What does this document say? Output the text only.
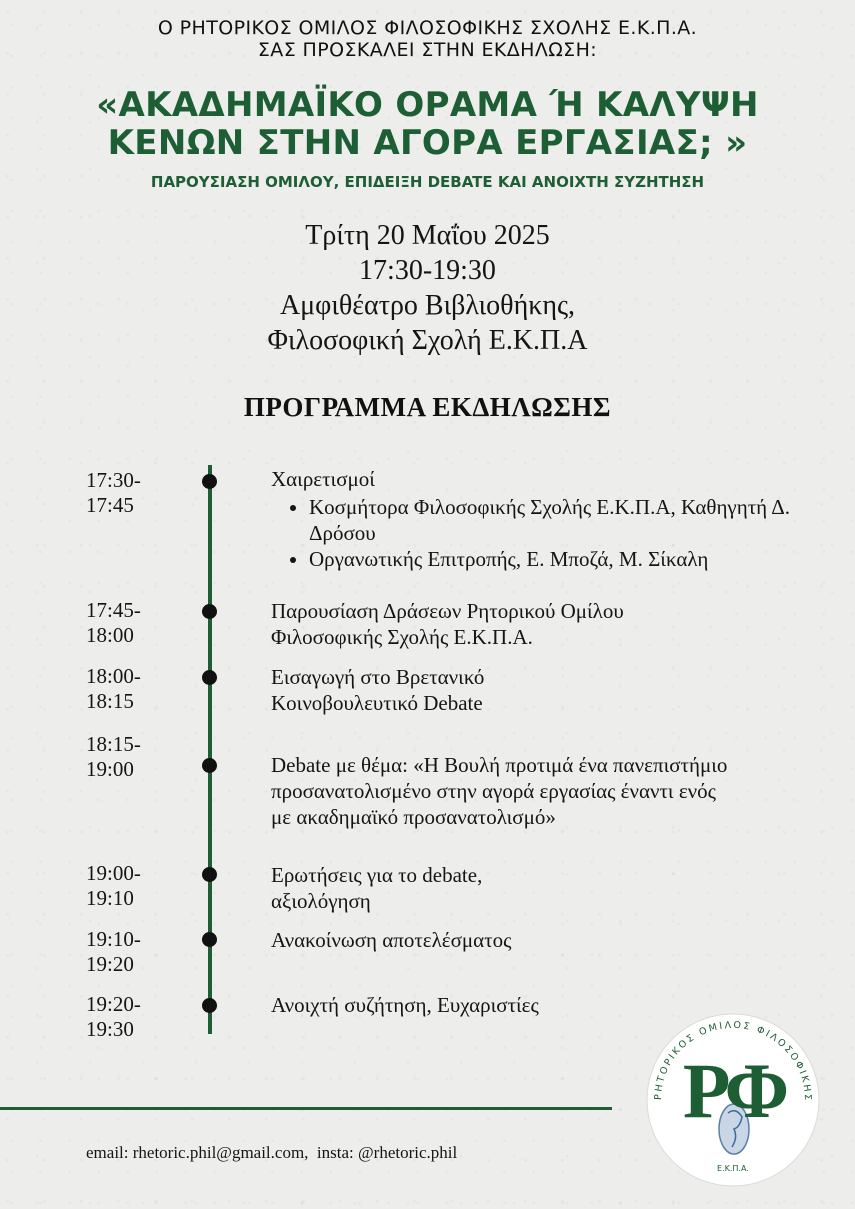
Ο ΡΗΤΟΡΙΚΟΣ ΟΜΙΛΟΣ ΦΙΛΟΣΟΦΙΚΗΣ ΣΧΟΛΗΣ Ε.Κ.Π.Α.
ΣΑΣ ΠΡΟΣΚΑΛΕΙ ΣΤΗΝ ΕΚΔΗΛΩΣΗ:
«ΑΚΑΔΗΜΑΪΚΟ ΟΡΑΜΑ Ή ΚΑΛΥΨΗ
ΚΕΝΩΝ ΣΤΗΝ ΑΓΟΡΑ ΕΡΓΑΣΙΑΣ; »
ΠΑΡΟΥΣΙΑΣΗ ΟΜΙΛΟΥ, ΕΠΙΔΕΙΞΗ DEBATE ΚΑΙ ΑΝΟΙΧΤΗ ΣΥΖΗΤΗΣΗ
Τρίτη 20 Μαΐου 2025
17:30-19:30
Αμφιθέατρο Βιβλιοθήκης,
Φιλοσοφική Σχολή Ε.Κ.Π.Α
ΠΡΟΓΡΑΜΜΑ ΕΚΔΗΛΩΣΗΣ
17:30-
17:45
Χαιρετισμοί
• Κοσμήτορα Φιλοσοφικής Σχολής Ε.Κ.Π.Α, Καθηγητή Δ. Δρόσου
• Οργανωτικής Επιτροπής, Ε. Μποζά, Μ. Σίκαλη
17:45-
18:00
Παρουσίαση Δράσεων Ρητορικού Ομίλου
Φιλοσοφικής Σχολής Ε.Κ.Π.Α.
18:00-
18:15
Εισαγωγή στο Βρετανικό
Κοινοβουλευτικό Debate
18:15-
19:00	Debate με θέμα: «Η Βουλή προτιμά ένα πανεπιστήμιο
προσανατολισμένο στην αγορά εργασίας έναντι ενός
με ακαδημαϊκό προσανατολισμό»
19:00-
19:10
Ερωτήσεις για το debate,
αξιολόγηση
19:10-
19:20
Ανακοίνωση αποτελέσματος
19:20-
19:30
Ανοιχτή συζήτηση, Ευχαριστίες
email: rhetoric.phil@gmail.com,  insta: @rhetoric.phil
ΡΗΤΟΡΙΚΟΣ ΟΜΙΛΟΣ ΦΙΛΟΣΟΦΙΚΗΣ
ΡΦ
Ε.Κ.Π.Α.
